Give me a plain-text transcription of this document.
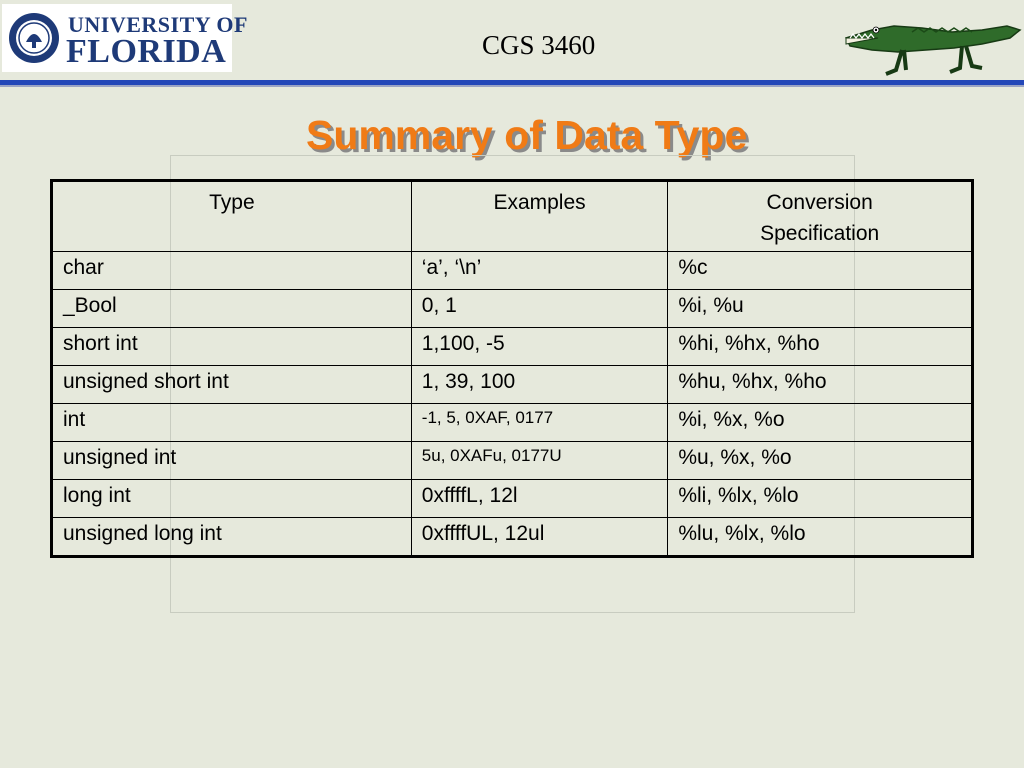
UNIVERSITY OF
FLORIDA	CGS 3460
Summary of Data Type
Type	Examples	Conversion
Specification
char	‘a’, ‘\n’	%c
_Bool	0, 1	%i, %u
short int	1,100, -5	%hi, %hx, %ho
unsigned short int	1, 39, 100	%hu, %hx, %ho
int	-1, 5, 0XAF, 0177	%i, %x, %o
unsigned int	5u, 0XAFu, 0177U	%u, %x, %o
long int	0xffffL, 12l	%li, %lx, %lo
unsigned long int	0xffffUL, 12ul	%lu, %lx, %lo
